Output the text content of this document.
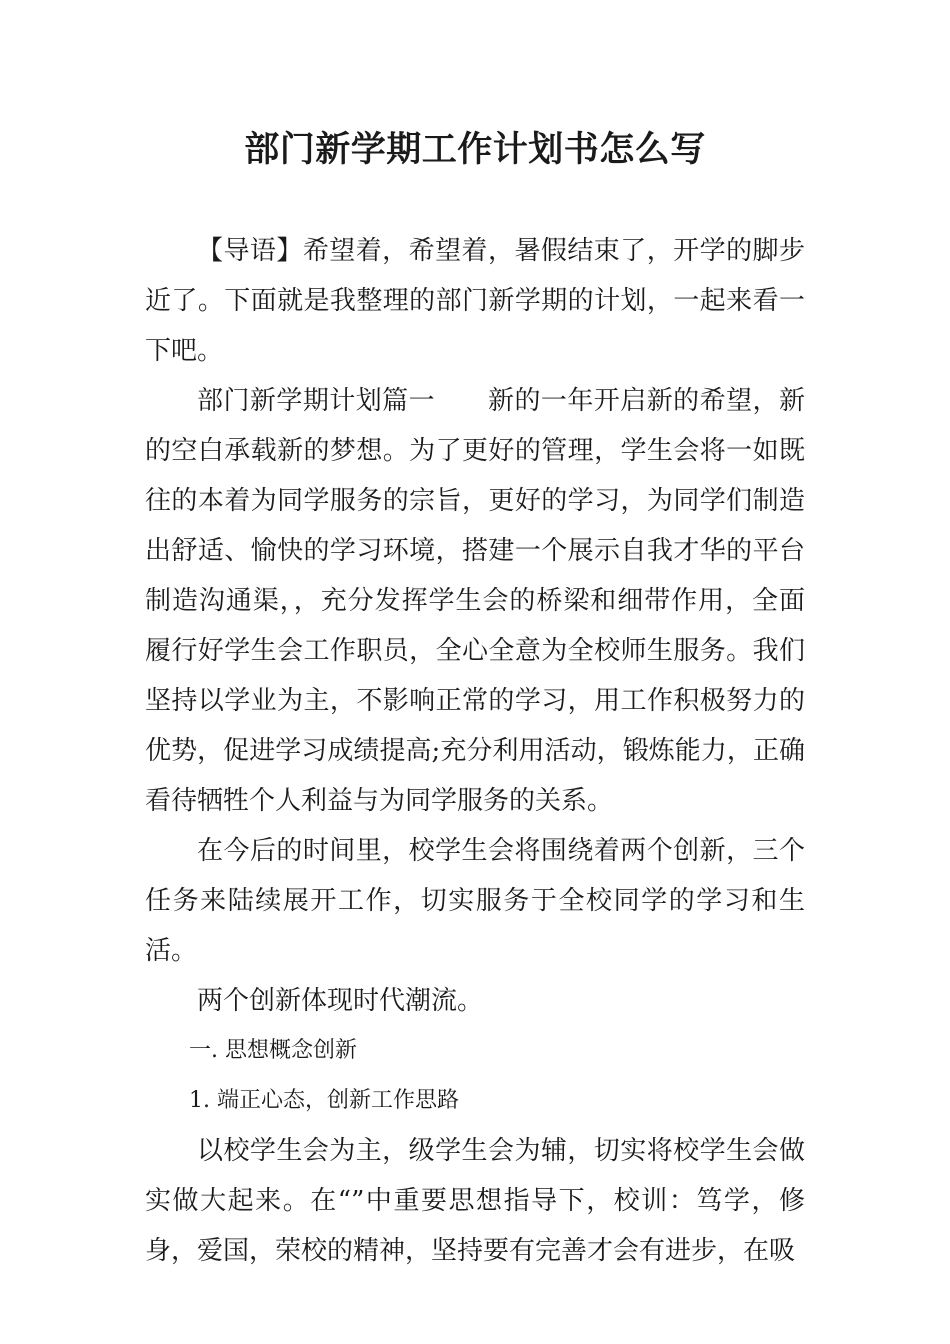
部门新学期工作计划书怎么写

【导语】希望着，希望着，暑假结束了，开学的脚步近了。下面就是我整理的部门新学期的计划，一起来看一下吧。

部门新学期计划篇一　　新的一年开启新的希望，新的空白承载新的梦想。为了更好的管理，学生会将一如既往的本着为同学服务的宗旨，更好的学习，为同学们制造出舒适、愉快的学习环境，搭建一个展示自我才华的平台制造沟通渠，，充分发挥学生会的桥梁和细带作用，全面履行好学生会工作职员，全心全意为全校师生服务。我们坚持以学业为主，不影响正常的学习，用工作积极努力的优势，促进学习成绩提高;充分利用活动，锻炼能力，正确看待牺牲个人利益与为同学服务的关系。

在今后的时间里，校学生会将围绕着两个创新，三个任务来陆续展开工作，切实服务于全校同学的学习和生活。

两个创新体现时代潮流。

一. 思想概念创新

1. 端正心态，创新工作思路

以校学生会为主，级学生会为辅，切实将校学生会做实做大起来。在“”中重要思想指导下，校训：笃学，修身，爱国，荣校的精神，坚持要有完善才会有进步，在吸
